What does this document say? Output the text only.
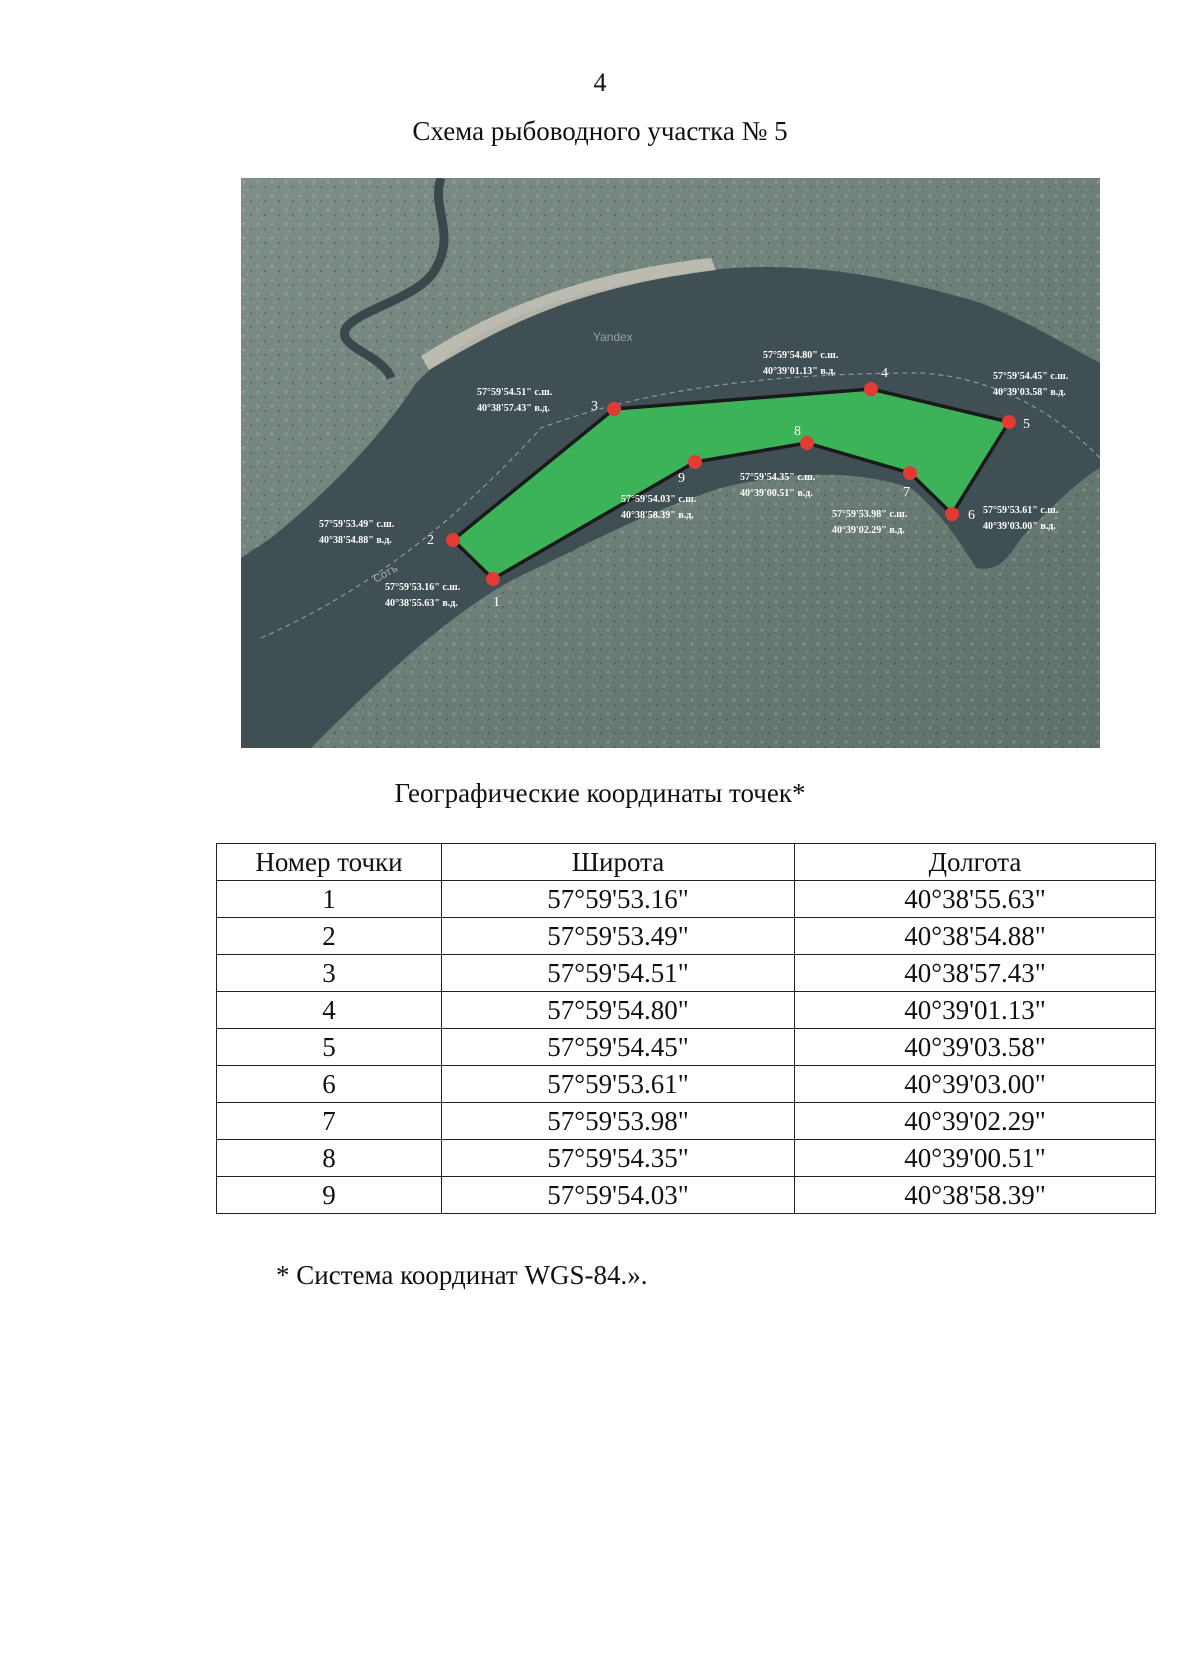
4
Схема рыбоводного участка № 5
Yandex
Сотъ
1
2
3
4
5
6
7
8
9
57°59'53.16" с.ш.
40°38'55.63" в.д.
57°59'53.49" с.ш.
40°38'54.88" в.д.
57°59'54.51" с.ш.
40°38'57.43" в.д.
57°59'54.80" с.ш.
40°39'01.13" в.д.	57°59'54.45" с.ш.
40°39'03.58" в.д.
57°59'53.61" с.ш.
40°39'03.00" в.д.
57°59'53.98" с.ш.
40°39'02.29" в.д.
57°59'54.35" с.ш.
40°39'00.51" в.д.
57°59'54.03" с.ш.
40°38'58.39" в.д.
Географические координаты точек*
Номер точки	Широта	Долгота
1	57°59'53.16"	40°38'55.63"
2	57°59'53.49"	40°38'54.88"
3	57°59'54.51"	40°38'57.43"
4	57°59'54.80"	40°39'01.13"
5	57°59'54.45"	40°39'03.58"
6	57°59'53.61"	40°39'03.00"
7	57°59'53.98"	40°39'02.29"
8	57°59'54.35"	40°39'00.51"
9	57°59'54.03"	40°38'58.39"
* Система координат WGS-84.».
